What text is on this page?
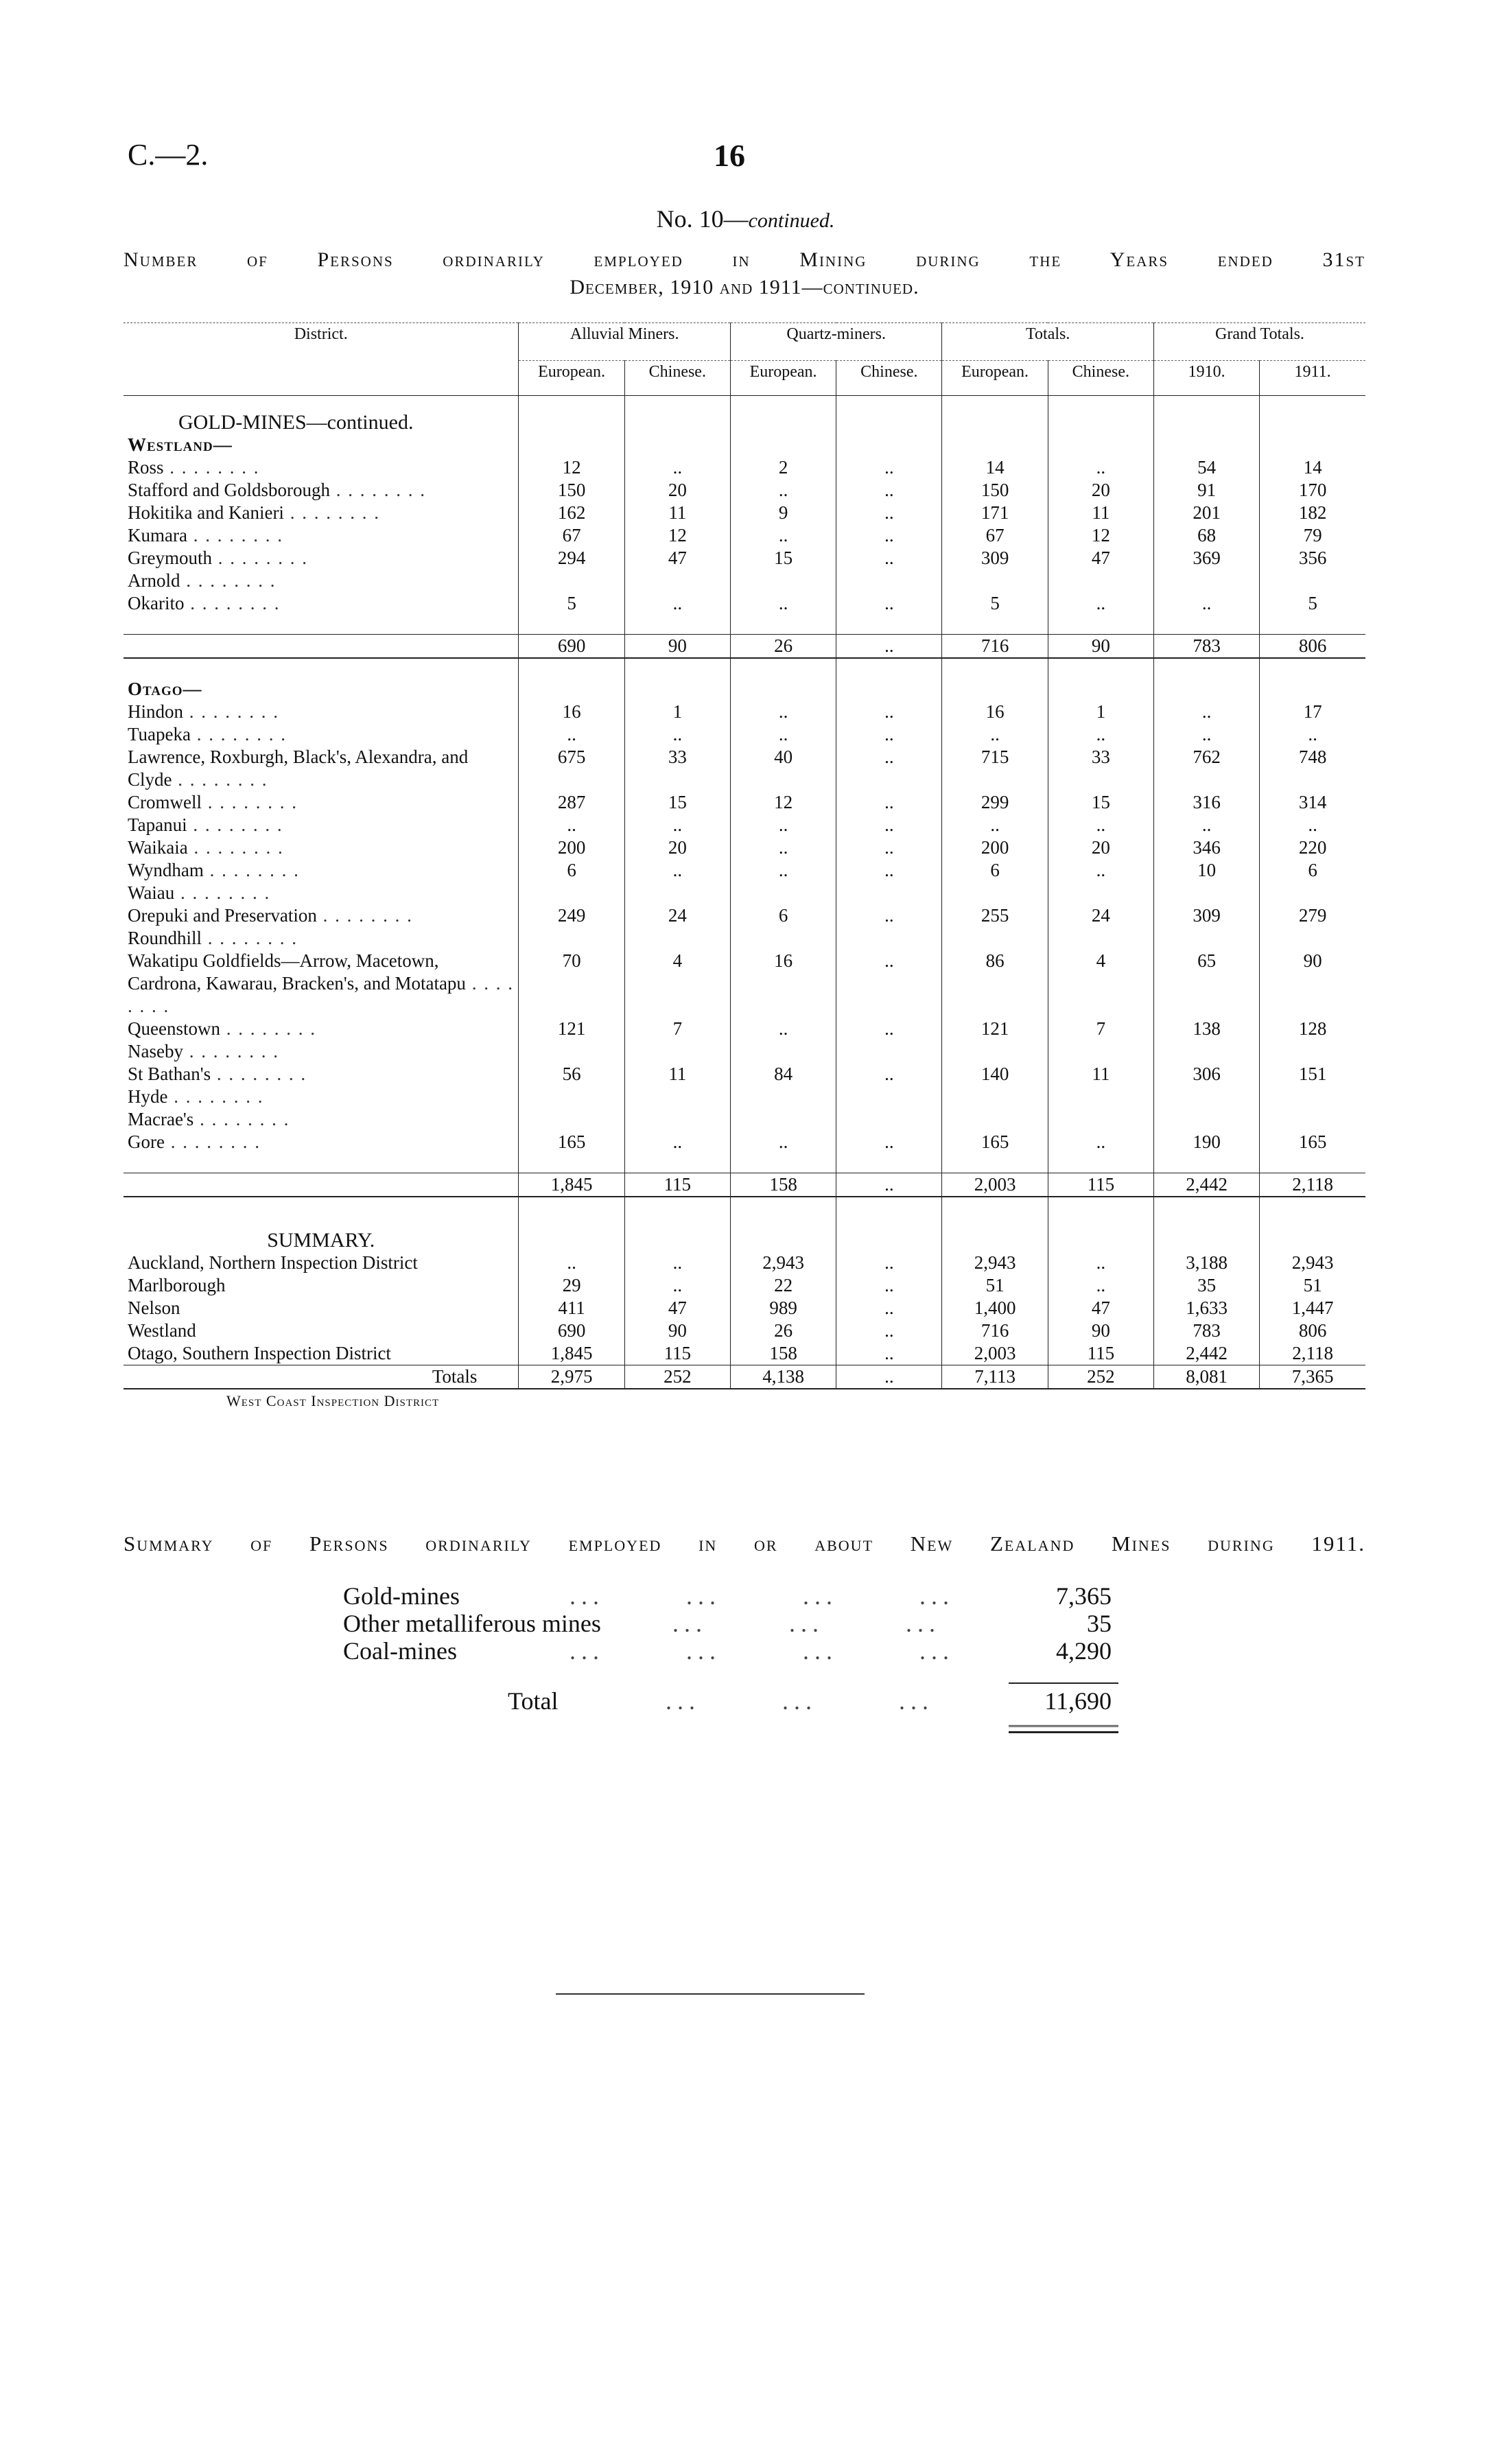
C.—2.	16
No. 10—continued.
Number of Persons ordinarily employed in Mining during the Years ended 31st
December, 1910 and 1911—continued.
District.	Alluvial Miners.		Quartz-miners.		Totals.		Grand Totals.	
	European.	Chinese.	European.	Chinese.	European.	Chinese.	1910.	1911.
GOLD-MINES—continued.								
Westland—								
Ross . .	12	..	2	..	14	..	54	14
Stafford and Goldsborough . .	150	20	..	..	150	20	91	170
Hokitika and Kanieri . .	162	11	9	..	171	11	201	182
Kumara . .	67	12	..	..	67	12	68	79
Greymouth . .	294	47	15	..	309	47	369	356
Arnold . .								
Okarito . .	5	..	..	..	5	..	..	5

	690	90	26	..	716	90	783	806

Otago—								
Hindon . .	16	1	..	..	16	1	..	17
Tuapeka . .	..	..	..	..	..	..	..	..
Lawrence, Roxburgh, Black's, Alexandra, and Clyde . .	675	33	40	..	715	33	762	748
Cromwell . .	287	15	12	..	299	15	316	314
Tapanui . .	..	..	..	..	..	..	..	..
Waikaia . .	200	20	..	..	200	20	346	220
Wyndham . .	6	..	..	..	6	..	10	6
Waiau . .								
Orepuki and Preservation . .	249	24	6	..	255	24	309	279
Roundhill . .								
Wakatipu Goldfields—Arrow, Macetown, Cardrona, Kawarau, Bracken's, and Motatapu . .	70	4	16	..	86	4	65	90
Queenstown . .	121	7	..	..	121	7	138	128
Naseby . .								
St Bathan's . .	56	11	84	..	140	11	306	151
Hyde . .								
Macrae's . .								
Gore . .	165	..	..	..	165	..	190	165

	1,845	115	158	..	2,003	115	2,442	2,118

SUMMARY.								
Auckland, Northern Inspection District	..	..	2,943	..	2,943	..	3,188	2,943
Marlborough	29	..	22	..	51	..	35	51
Nelson	411	47	989	..	1,400	47	1,633	1,447
Westland	690	90	26	..	716	90	783	806
Otago, Southern Inspection District	1,845	115	158	..	2,003	115	2,442	2,118
Totals	2,975	252	4,138	..	7,113	252	8,081	7,365
West Coast Inspection District								
Summary of Persons ordinarily employed in or about New Zealand Mines during 1911.
Gold-mines	...       ...       ...       ...	7,365
Other metalliferous mines	...       ...       ...	35
Coal-mines	...       ...       ...       ...	4,290
Total	...       ...       ...	11,690
